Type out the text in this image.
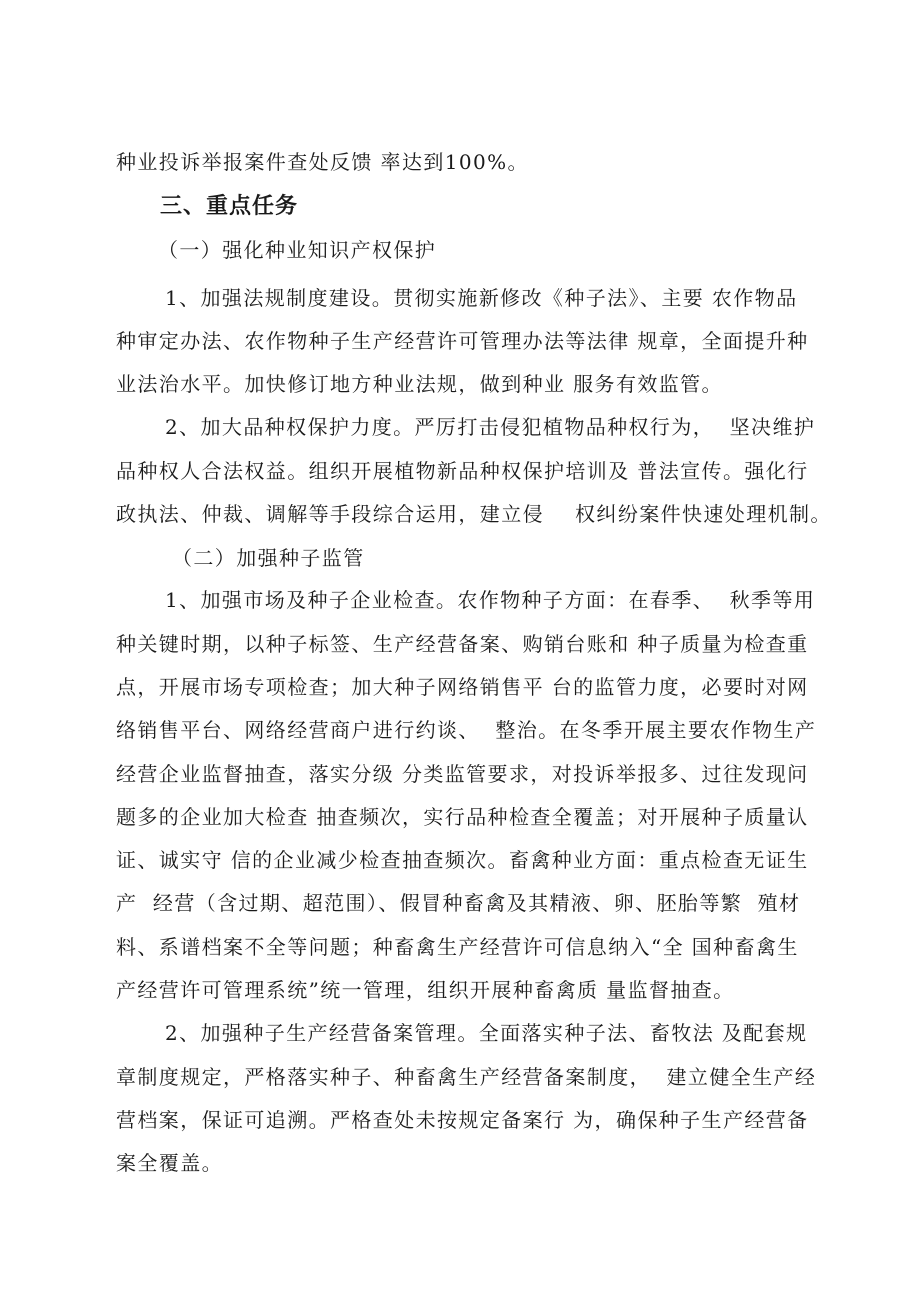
种业投诉举报案件查处反馈 率达到100%。
三、重点任务
（一）强化种业知识产权保护
1、加强法规制度建设。贯彻实施新修改《种子法》、主要 农作物品
种审定办法、农作物种子生产经营许可管理办法等法律 规章，全面提升种
业法治水平。加快修订地方种业法规，做到种业 服务有效监管。
2、加大品种权保护力度。严厉打击侵犯植物品种权行为，  坚决维护
品种权人合法权益。组织开展植物新品种权保护培训及 普法宣传。强化行
政执法、仲裁、调解等手段综合运用，建立侵    权纠纷案件快速处理机制。
（二）加强种子监管
1、加强市场及种子企业检查。农作物种子方面：在春季、  秋季等用
种关键时期，以种子标签、生产经营备案、购销台账和 种子质量为检查重
点，开展市场专项检查；加大种子网络销售平 台的监管力度，必要时对网
络销售平台、网络经营商户进行约谈、  整治。在冬季开展主要农作物生产
经营企业监督抽查，落实分级 分类监管要求，对投诉举报多、过往发现问
题多的企业加大检查 抽查频次，实行品种检查全覆盖；对开展种子质量认
证、诚实守 信的企业减少检查抽查频次。畜禽种业方面：重点检查无证生
产  经营（含过期、超范围）、假冒种畜禽及其精液、卵、胚胎等繁  殖材
料、系谱档案不全等问题；种畜禽生产经营许可信息纳入“全 国种畜禽生
产经营许可管理系统”统一管理，组织开展种畜禽质 量监督抽查。
2、加强种子生产经营备案管理。全面落实种子法、畜牧法 及配套规
章制度规定，严格落实种子、种畜禽生产经营备案制度，  建立健全生产经
营档案，保证可追溯。严格查处未按规定备案行 为，确保种子生产经营备
案全覆盖。
